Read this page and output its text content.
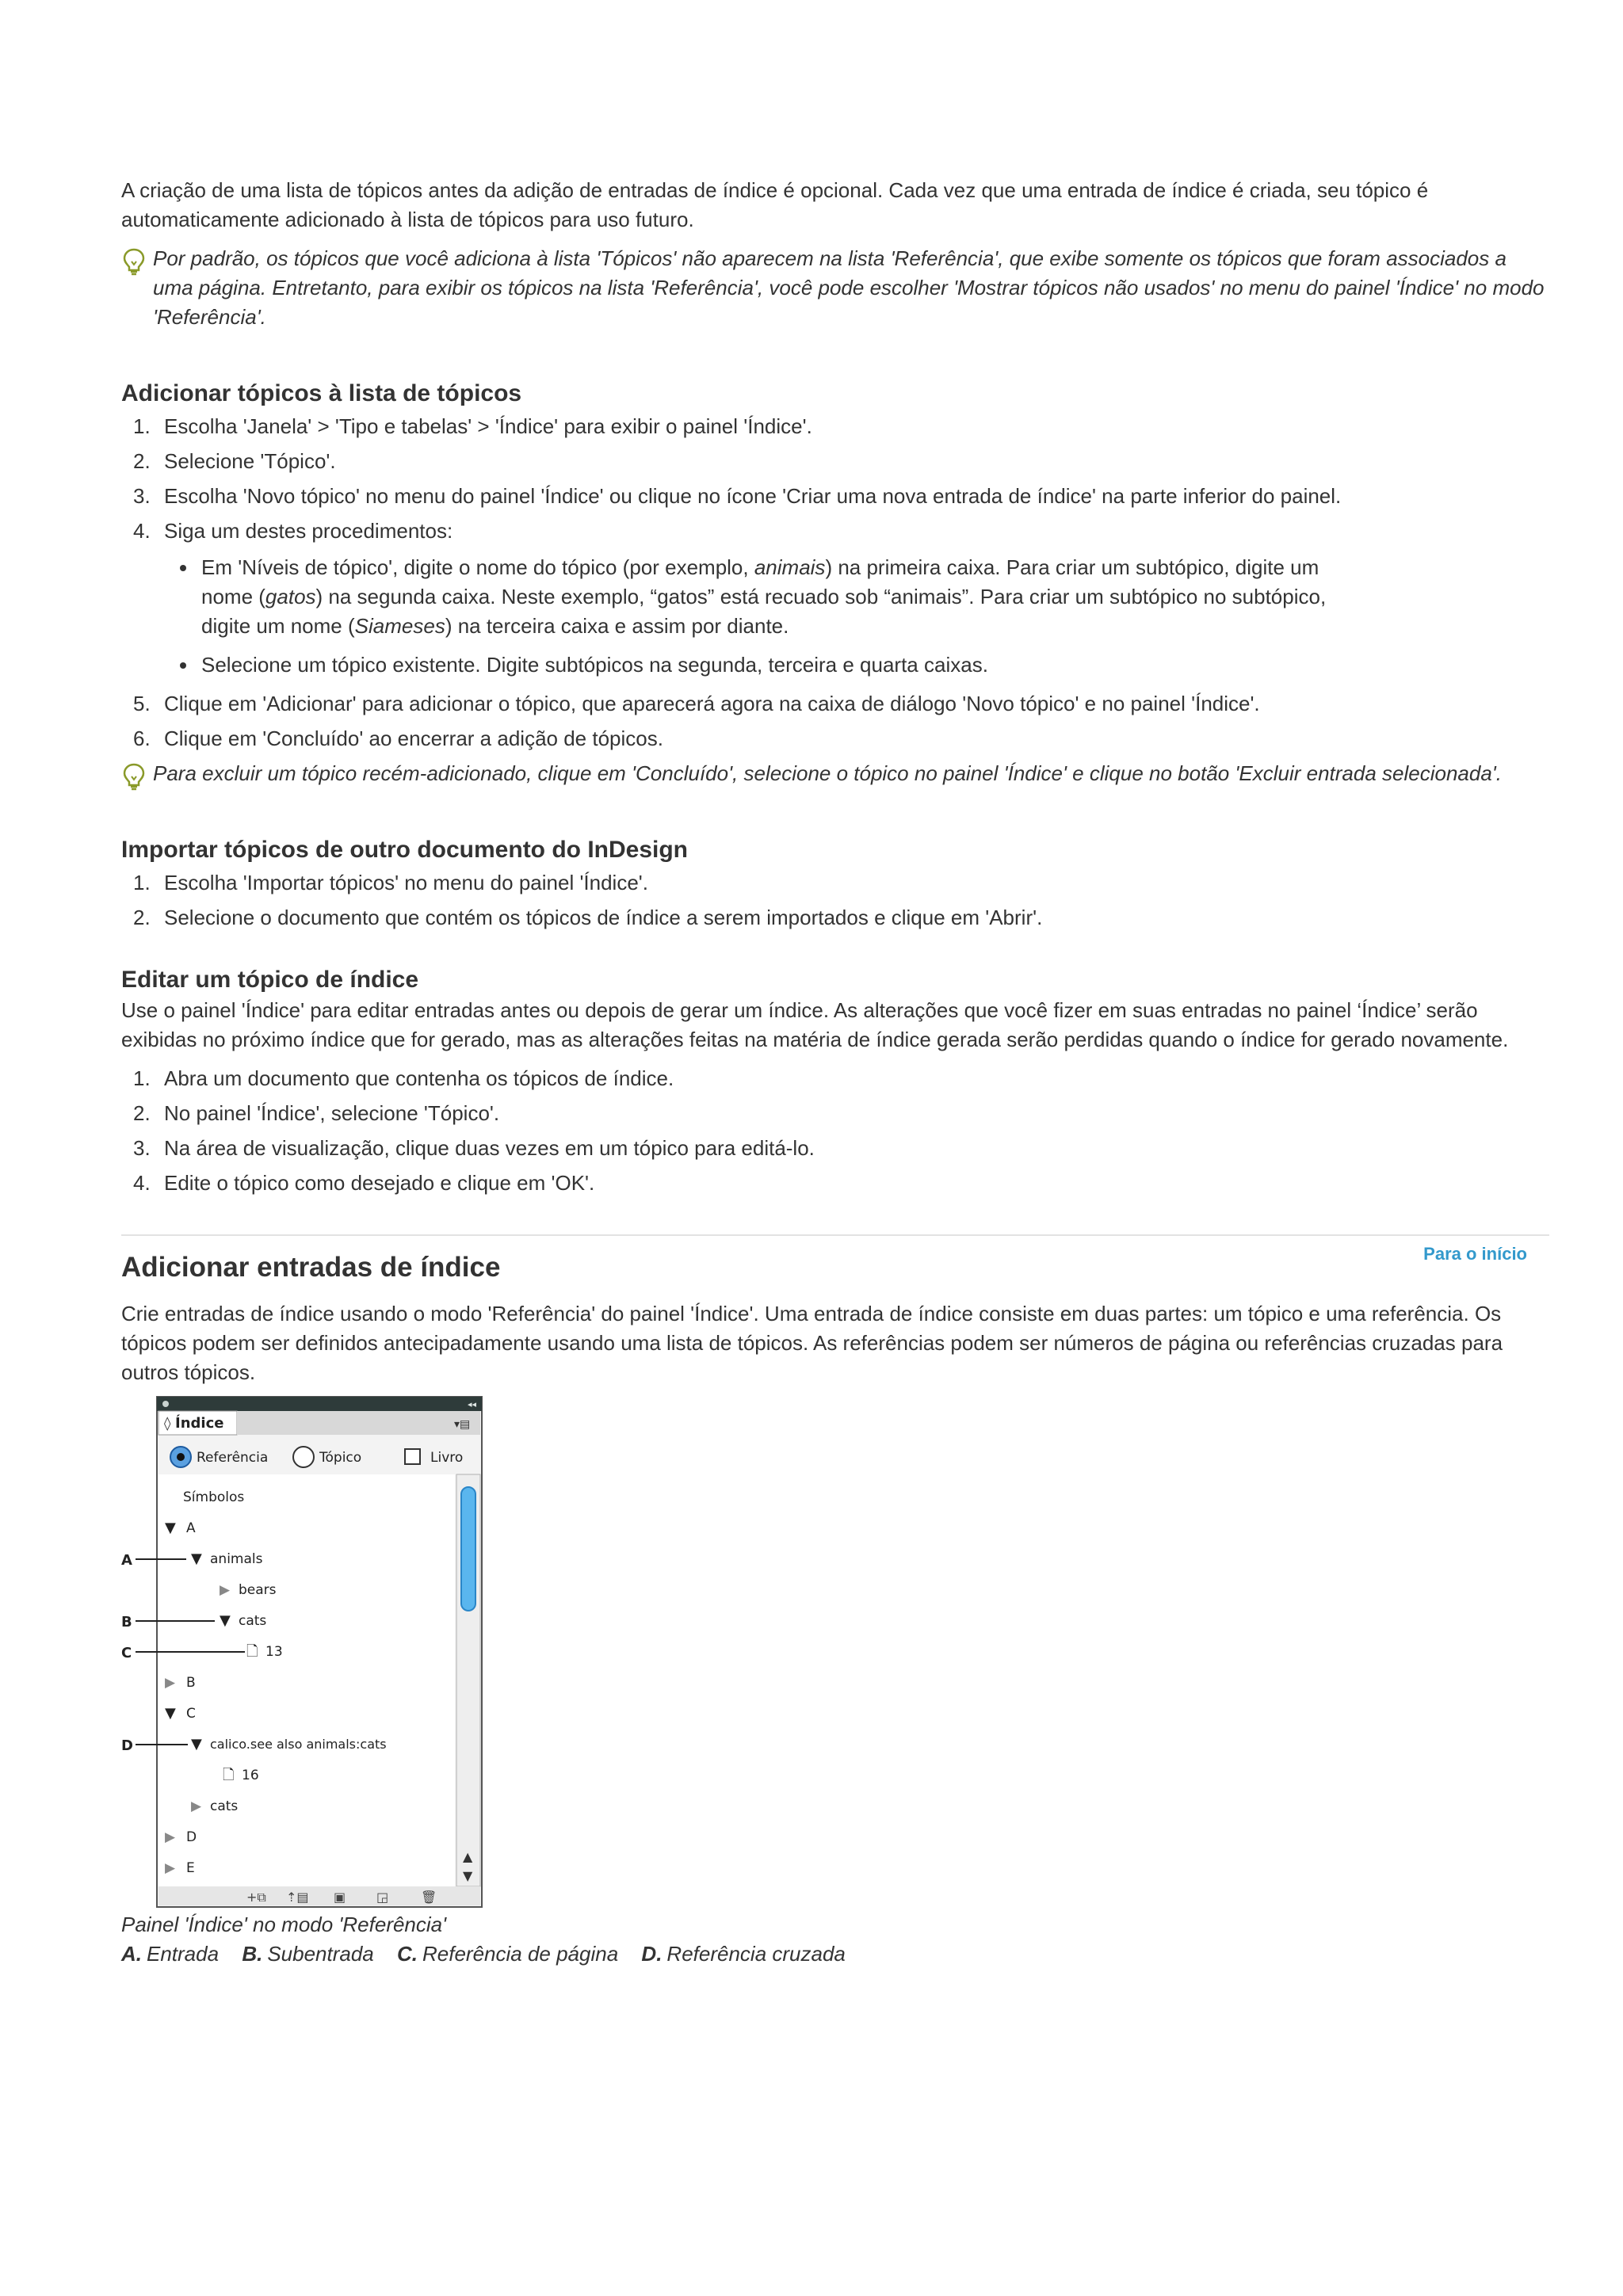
A criação de uma lista de tópicos antes da adição de entradas de índice é opcional. Cada vez que uma entrada de índice é criada, seu tópico é automaticamente adicionado à lista de tópicos para uso futuro.

Por padrão, os tópicos que você adiciona à lista 'Tópicos' não aparecem na lista 'Referência', que exibe somente os tópicos que foram associados a uma página. Entretanto, para exibir os tópicos na lista 'Referência', você pode escolher 'Mostrar tópicos não usados' no menu do painel 'Índice' no modo 'Referência'.

Adicionar tópicos à lista de tópicos
1. Escolha 'Janela' > 'Tipo e tabelas' > 'Índice' para exibir o painel 'Índice'.
2. Selecione 'Tópico'.
3. Escolha 'Novo tópico' no menu do painel 'Índice' ou clique no ícone 'Criar uma nova entrada de índice' na parte inferior do painel.
4. Siga um destes procedimentos:
Em 'Níveis de tópico', digite o nome do tópico (por exemplo, animais) na primeira caixa. Para criar um subtópico, digite um nome (gatos) na segunda caixa. Neste exemplo, “gatos” está recuado sob “animais”. Para criar um subtópico no subtópico, digite um nome (Siameses) na terceira caixa e assim por diante.
Selecione um tópico existente. Digite subtópicos na segunda, terceira e quarta caixas.
5. Clique em 'Adicionar' para adicionar o tópico, que aparecerá agora na caixa de diálogo 'Novo tópico' e no painel 'Índice'.
6. Clique em 'Concluído' ao encerrar a adição de tópicos.

Para excluir um tópico recém-adicionado, clique em 'Concluído', selecione o tópico no painel 'Índice' e clique no botão 'Excluir entrada selecionada'.

Importar tópicos de outro documento do InDesign
1. Escolha 'Importar tópicos' no menu do painel 'Índice'.
2. Selecione o documento que contém os tópicos de índice a serem importados e clique em 'Abrir'.
Editar um tópico de índice

Use o painel 'Índice' para editar entradas antes ou depois de gerar um índice. As alterações que você fizer em suas entradas no painel ‘Índice’ serão exibidas no próximo índice que for gerado, mas as alterações feitas na matéria de índice gerada serão perdidas quando o índice for gerado novamente.

1. Abra um documento que contenha os tópicos de índice.
2. No painel 'Índice', selecione 'Tópico'.
3. Na área de visualização, clique duas vezes em um tópico para editá-lo.
4. Edite o tópico como desejado e clique em 'OK'.
Adicionar entradas de índice	Para o início

Crie entradas de índice usando o modo 'Referência' do painel 'Índice'. Uma entrada de índice consiste em duas partes: um tópico e uma referência. Os tópicos podem ser definidos antecipadamente usando uma lista de tópicos. As referências podem ser números de página ou referências cruzadas para outros tópicos.

◂◂
◊ Índice	▾▤
Referência	Tópico	Livro
▲
▼
Símbolos
▼ A
▼ animals
▶ bears
▼ cats
🗋 13
▶ B
▼ C
▼ calico.see also animals:cats
🗋 16
▶ cats
▶ D
▶ E
+⧉ ⇡▤ ▣ ◲	🗑
A
B
C
D
Painel 'Índice' no modo 'Referência'
A. Entrada B. Subentrada C. Referência de página D. Referência cruzada
